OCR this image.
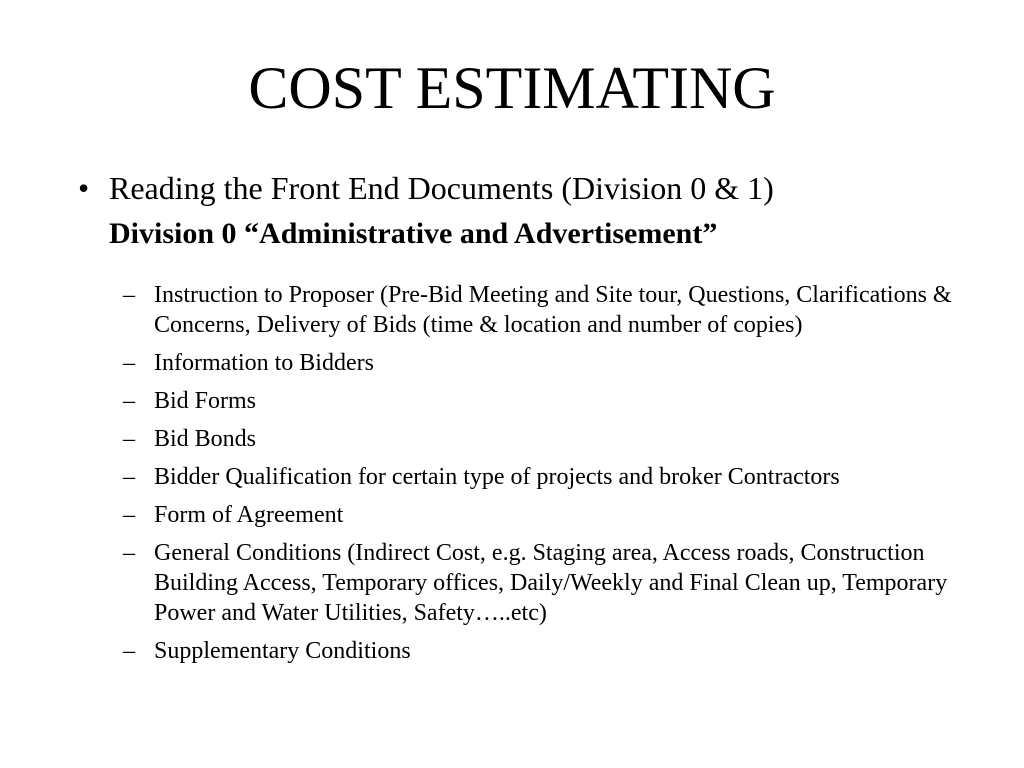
COST ESTIMATING
• Reading the Front End Documents (Division 0 & 1)
Division 0 “Administrative and Advertisement”
– Instruction to Proposer (Pre-Bid Meeting and Site tour, Questions, Clarifications & Concerns, Delivery of Bids (time & location and number of copies)
– Information to Bidders
– Bid Forms
– Bid Bonds
– Bidder Qualification for certain type of projects and broker Contractors
– Form of Agreement
– General Conditions (Indirect Cost, e.g. Staging area, Access roads, Construction Building Access, Temporary offices, Daily/Weekly and Final Clean up, Temporary Power and Water Utilities, Safety…..etc)
– Supplementary Conditions
